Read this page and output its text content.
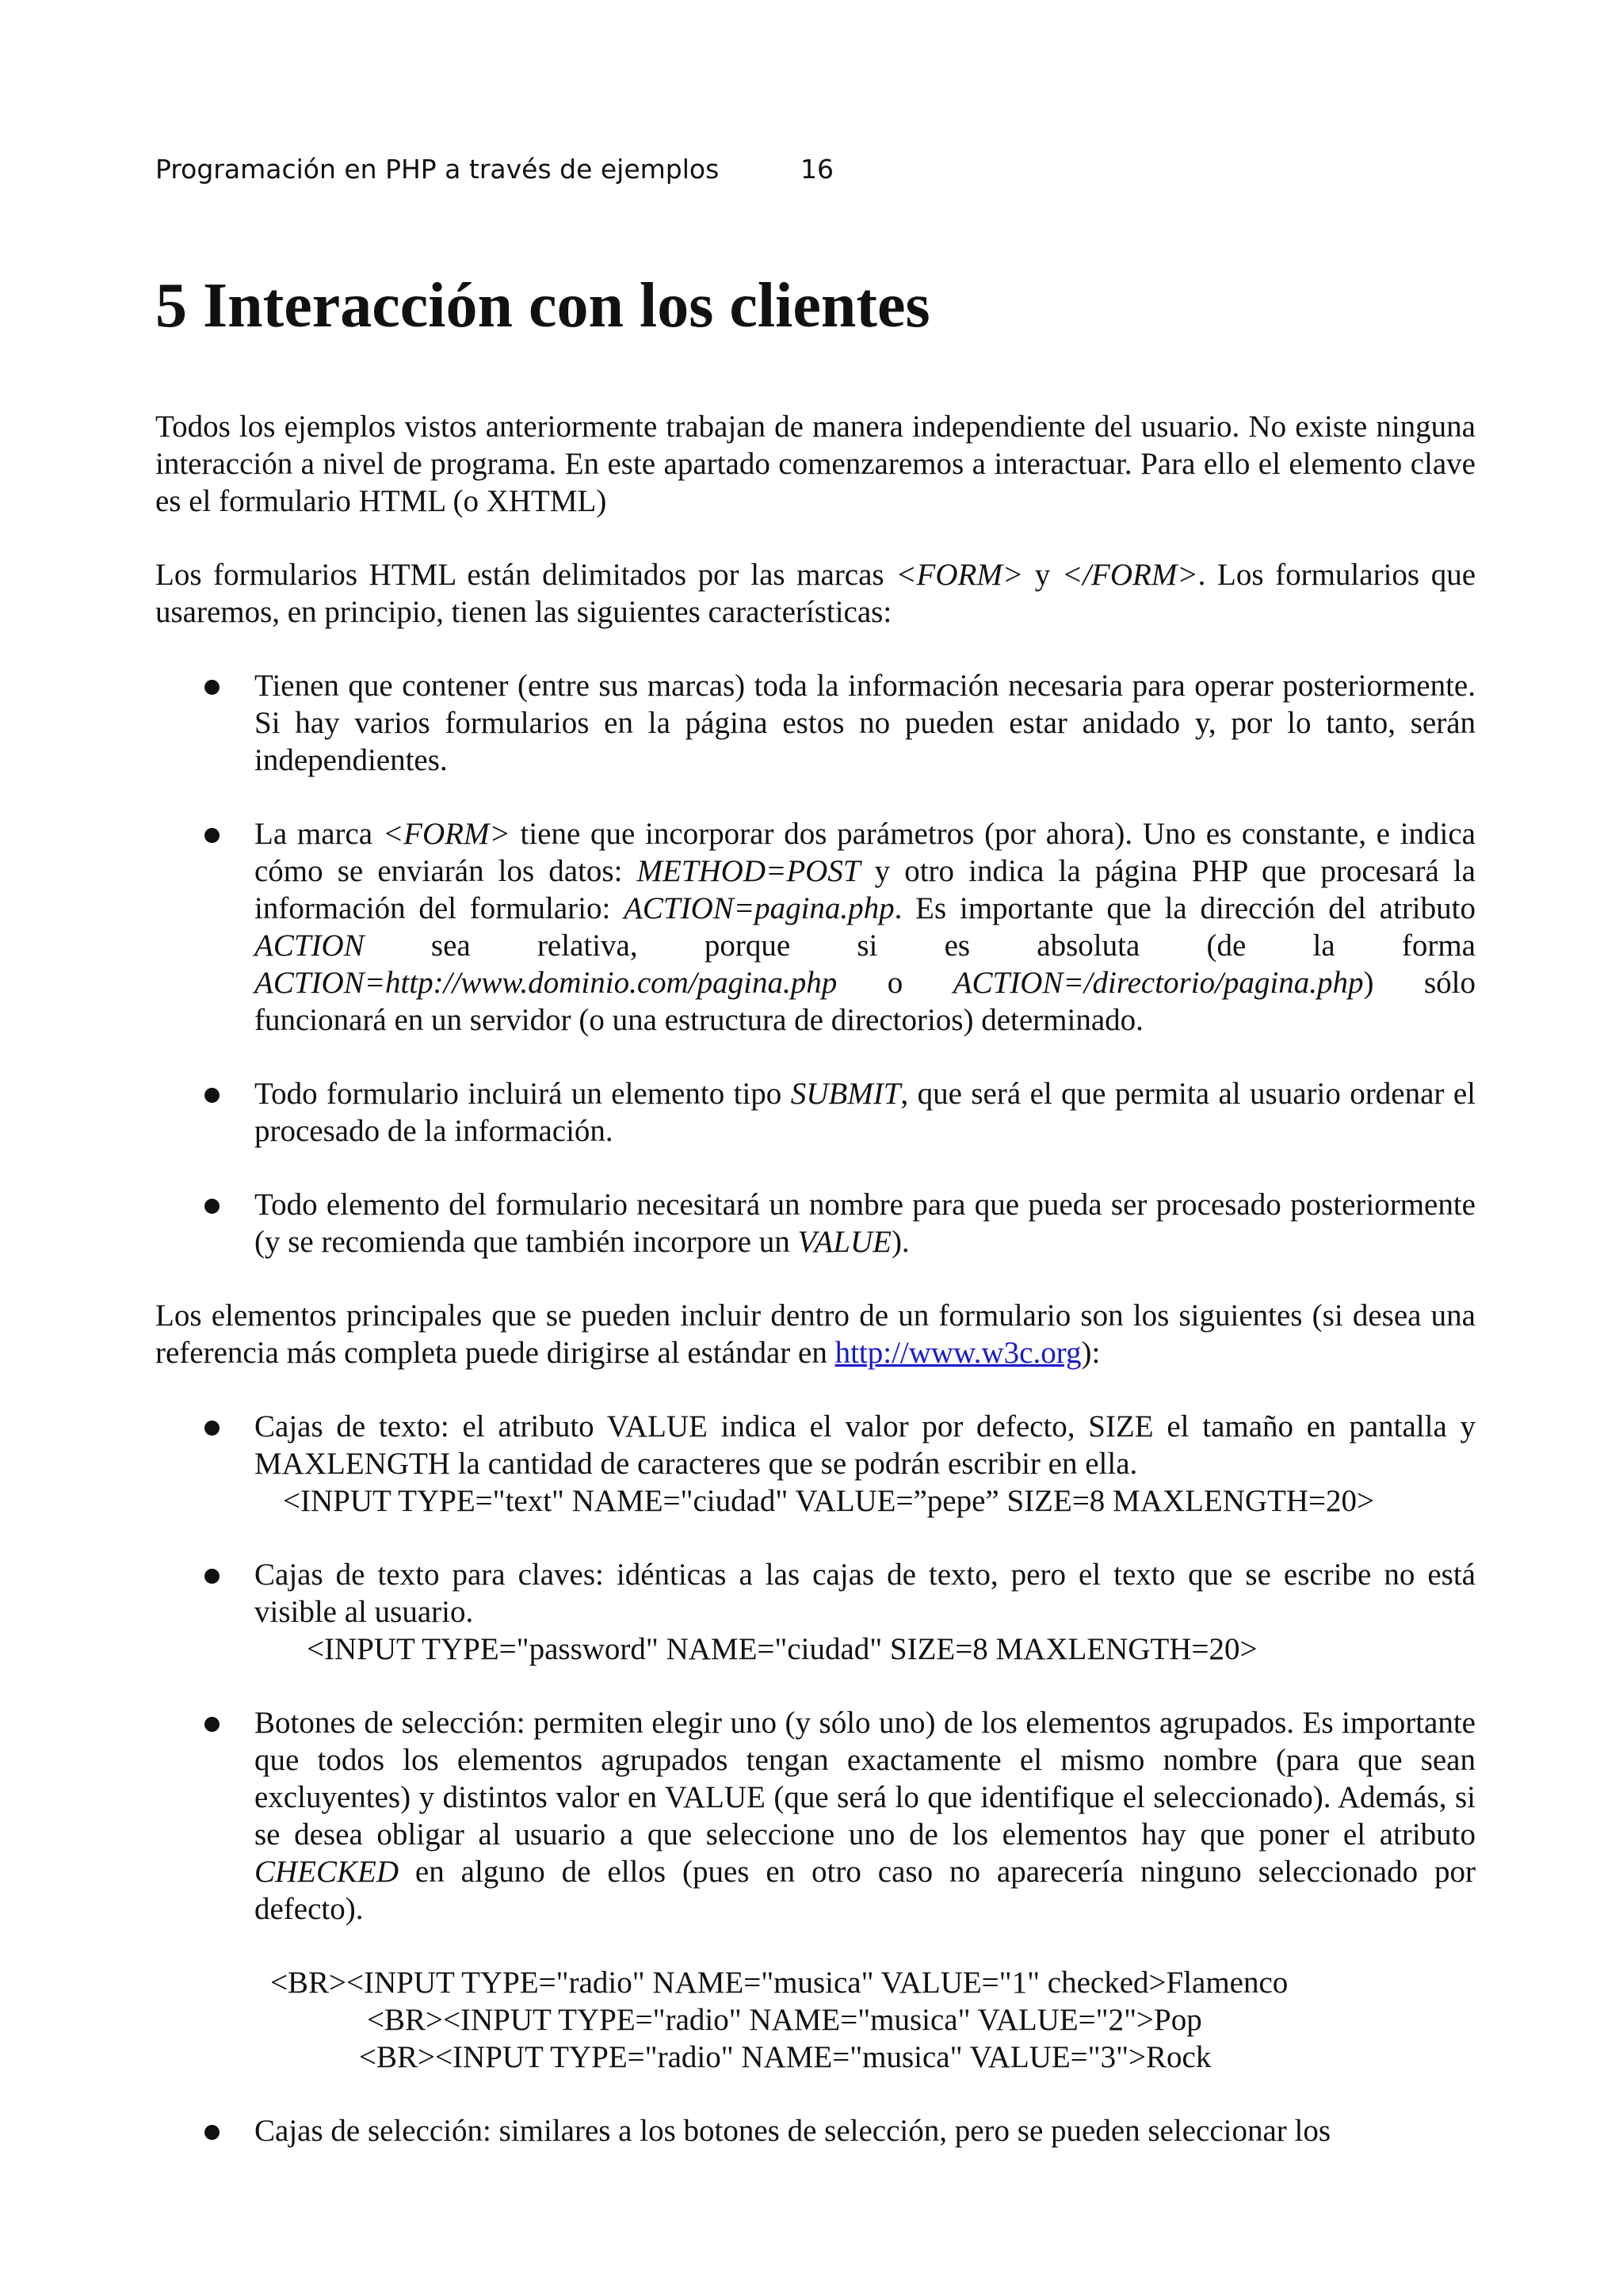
Programación en PHP a través de ejemplos	16
5 Interacción con los clientes

Todos los ejemplos vistos anteriormente trabajan de manera independiente del usuario. No existe ninguna interacción a nivel de programa. En este apartado comenzaremos a interactuar. Para ello el elemento clave es el formulario HTML (o XHTML)

Los formularios HTML están delimitados por las marcas <FORM> y </FORM>. Los formularios que usaremos, en principio, tienen las siguientes características:

Tienen que contener (entre sus marcas) toda la información necesaria para operar posteriormente. Si hay varios formularios en la página estos no pueden estar anidado y, por lo tanto, serán independientes.
La marca <FORM> tiene que incorporar dos parámetros (por ahora). Uno es constante, e indica cómo se enviarán los datos: METHOD=POST y otro indica la página PHP que procesará la información del formulario: ACTION=pagina.php. Es importante que la dirección del atributo ACTION sea relativa, porque si es absoluta (de la forma ACTION=http://www.dominio.com/pagina.php o ACTION=/directorio/pagina.php) sólo funcionará en un servidor (o una estructura de directorios) determinado.
Todo formulario incluirá un elemento tipo SUBMIT, que será el que permita al usuario ordenar el procesado de la información.
Todo elemento del formulario necesitará un nombre para que pueda ser procesado posteriormente (y se recomienda que también incorpore un VALUE).

Los elementos principales que se pueden incluir dentro de un formulario son los siguientes (si desea una referencia más completa puede dirigirse al estándar en http://www.w3c.org):

Cajas de texto: el atributo VALUE indica el valor por defecto, SIZE el tamaño en pantalla y MAXLENGTH la cantidad de caracteres que se podrán escribir en ella.
<INPUT TYPE="text" NAME="ciudad" VALUE=”pepe” SIZE=8 MAXLENGTH=20>
Cajas de texto para claves: idénticas a las cajas de texto, pero el texto que se escribe no está visible al usuario.
<INPUT TYPE="password" NAME="ciudad" SIZE=8 MAXLENGTH=20>
Botones de selección: permiten elegir uno (y sólo uno) de los elementos agrupados. Es importante que todos los elementos agrupados tengan exactamente el mismo nombre (para que sean excluyentes) y distintos valor en VALUE (que será lo que identifique el seleccionado). Además, si se desea obligar al usuario a que seleccione uno de los elementos hay que poner el atributo CHECKED en alguno de ellos (pues en otro caso no aparecería ninguno seleccionado por defecto).
<BR><INPUT TYPE="radio" NAME="musica" VALUE="1" checked>Flamenco
<BR><INPUT TYPE="radio" NAME="musica" VALUE="2">Pop
<BR><INPUT TYPE="radio" NAME="musica" VALUE="3">Rock
Cajas de selección: similares a los botones de selección, pero se pueden seleccionar los
